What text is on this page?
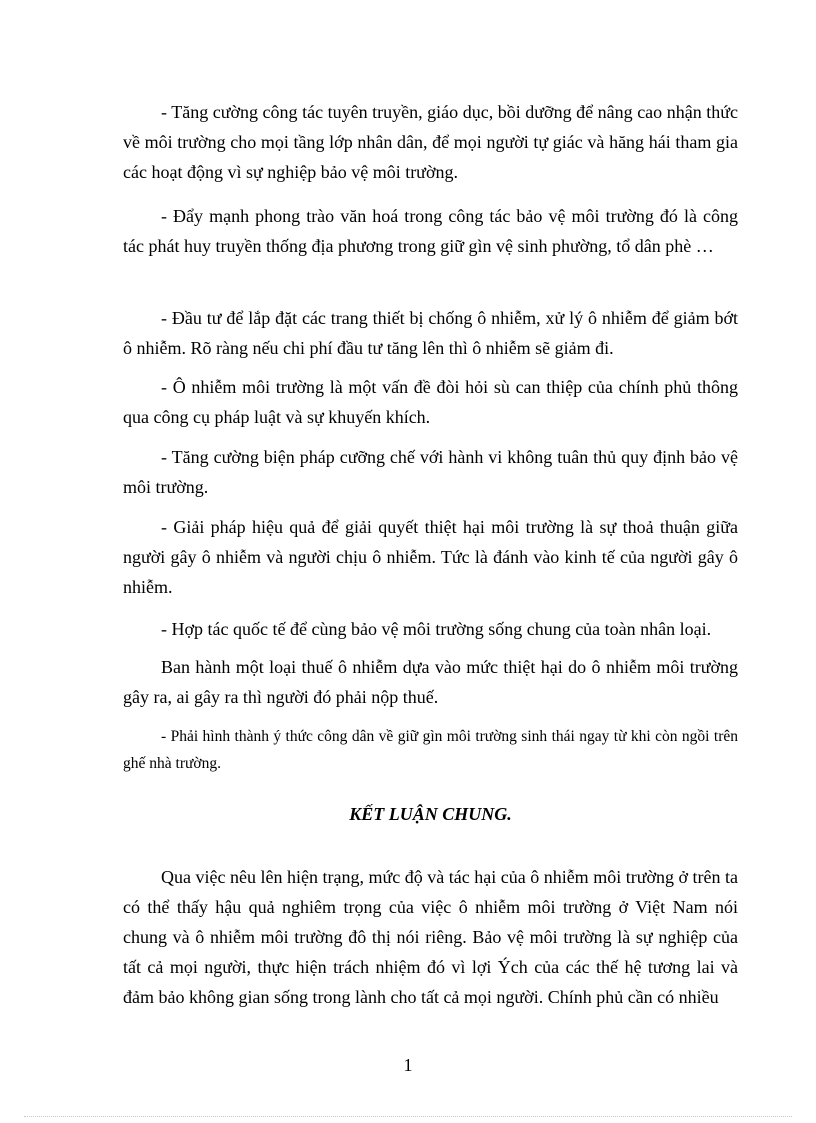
- Tăng cường công tác tuyên truyền, giáo dục, bồi dưỡng để nâng cao nhận thức về môi trường cho mọi tầng lớp nhân dân, để mọi người tự giác và hăng hái tham gia các hoạt động vì sự nghiệp bảo vệ môi trường.

- Đẩy mạnh phong trào văn hoá trong công tác bảo vệ môi trường đó là công tác phát huy truyền thống địa phương trong giữ gìn vệ sinh phường, tổ dân phè …

- Đầu tư để lắp đặt các trang thiết bị chống ô nhiễm, xử lý ô nhiễm để giảm bớt ô nhiễm. Rõ ràng nếu chi phí đầu tư tăng lên thì ô nhiễm sẽ giảm đi.

- Ô nhiễm môi trường là một vấn đề đòi hỏi sù can thiệp của chính phủ thông qua công cụ pháp luật và sự khuyến khích.

- Tăng cường biện pháp cưỡng chế với hành vi không tuân thủ quy định bảo vệ môi trường.

- Giải pháp hiệu quả để giải quyết thiệt hại môi trường là sự thoả thuận giữa người gây ô nhiễm và người chịu ô nhiễm. Tức là đánh vào kinh tế của người gây ô nhiễm.

- Hợp tác quốc tế để cùng bảo vệ môi trường sống chung của toàn nhân loại.

Ban hành một loại thuế ô nhiễm dựa vào mức thiệt hại do ô nhiễm môi trường gây ra, ai gây ra thì người đó phải nộp thuế.

- Phải hình thành ý thức công dân về giữ gìn môi trường sinh thái ngay từ khi còn ngồi trên ghế nhà trường.

KẾT LUẬN CHUNG.

Qua việc nêu lên hiện trạng, mức độ và tác hại của ô nhiễm môi trường ở trên ta có thể thấy hậu quả nghiêm trọng của việc ô nhiễm môi trường ở Việt Nam nói chung và ô nhiễm môi trường đô thị nói riêng. Bảo vệ môi trường là sự nghiệp của tất cả mọi người, thực hiện trách nhiệm đó vì lợi Ých của các thế hệ tương lai và đảm bảo không gian sống trong lành cho tất cả mọi người. Chính phủ cần có nhiều

1
